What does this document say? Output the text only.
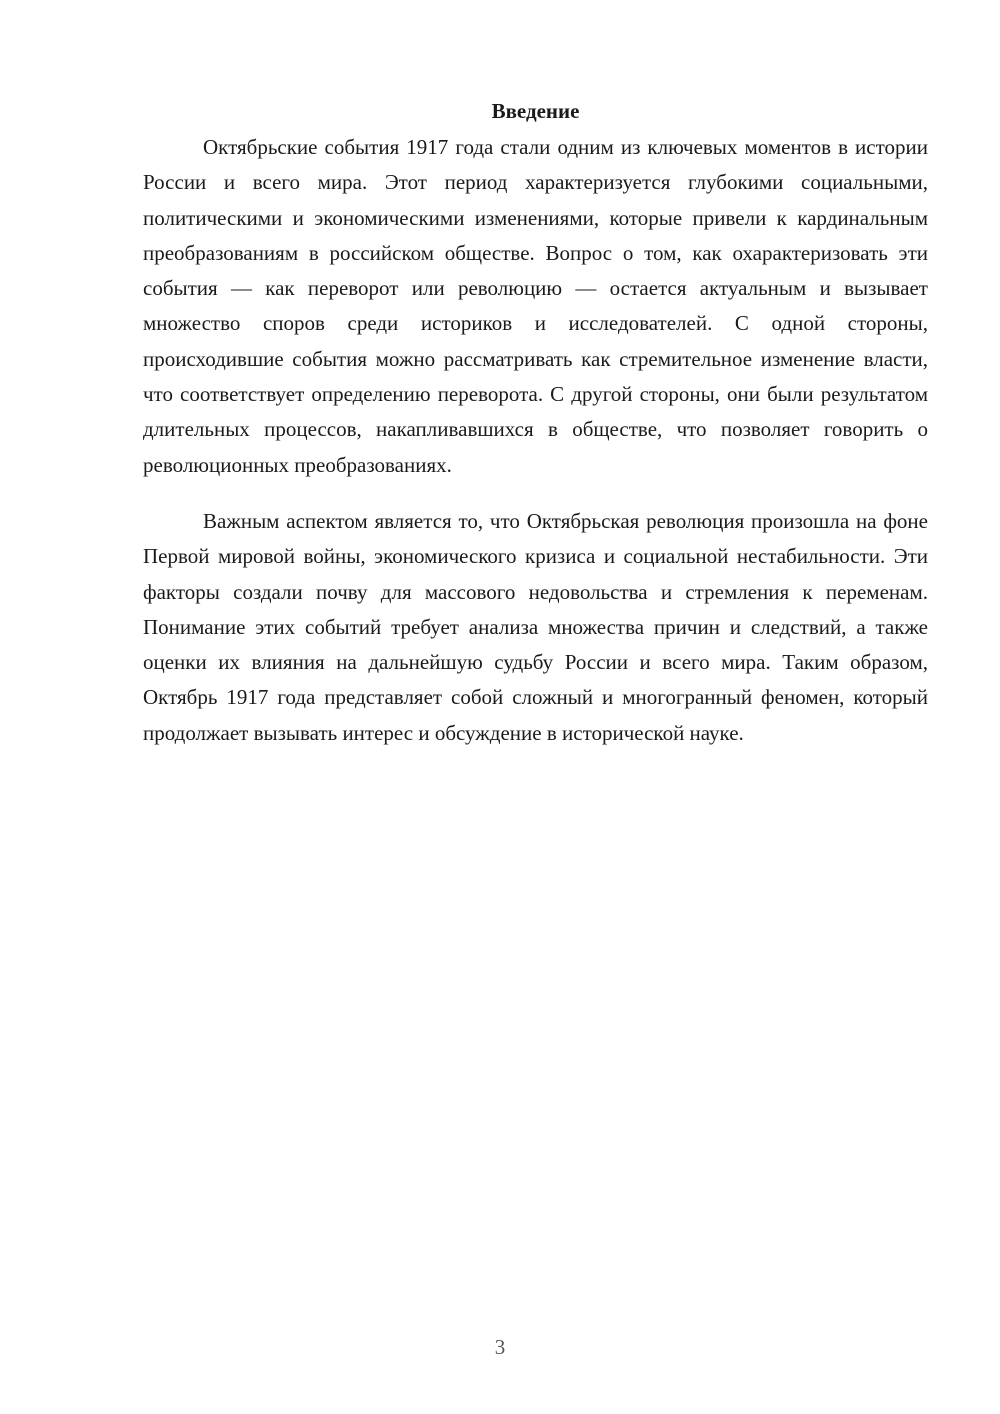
Введение

Октябрьские события 1917 года стали одним из ключевых моментов в истории России и всего мира. Этот период характеризуется глубокими социальными, политическими и экономическими изменениями, которые привели к кардинальным преобразованиям в российском обществе. Вопрос о том, как охарактеризовать эти события — как переворот или революцию — остается актуальным и вызывает множество споров среди историков и исследователей. С одной стороны, происходившие события можно рассматривать как стремительное изменение власти, что соответствует определению переворота. С другой стороны, они были результатом длительных процессов, накапливавшихся в обществе, что позволяет говорить о революционных преобразованиях.

Важным аспектом является то, что Октябрьская революция произошла на фоне Первой мировой войны, экономического кризиса и социальной нестабильности. Эти факторы создали почву для массового недовольства и стремления к переменам. Понимание этих событий требует анализа множества причин и следствий, а также оценки их влияния на дальнейшую судьбу России и всего мира. Таким образом, Октябрь 1917 года представляет собой сложный и многогранный феномен, который продолжает вызывать интерес и обсуждение в исторической науке.

3
